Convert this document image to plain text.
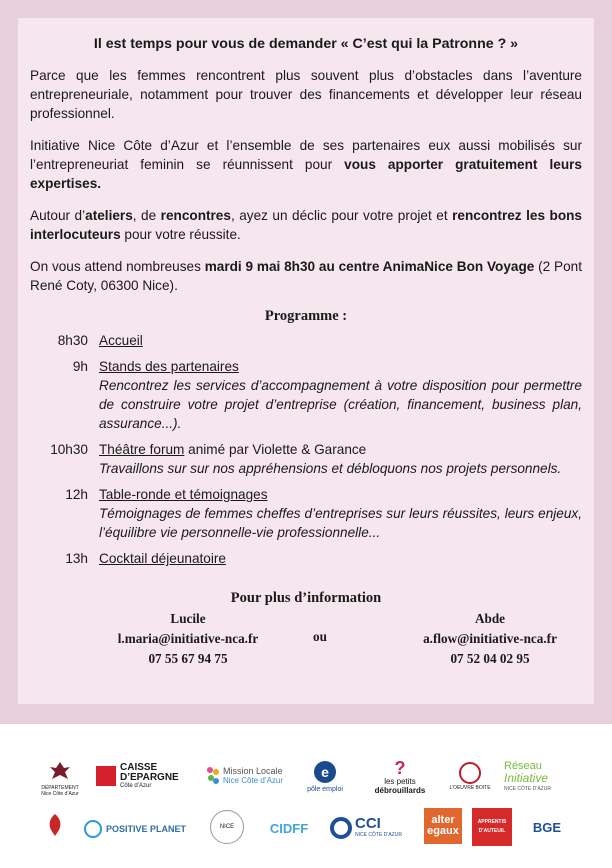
Il est temps pour vous de demander « C’est qui la Patronne ? »

Parce que les femmes rencontrent plus souvent plus d’obstacles dans l’aventure entrepreneuriale, notamment pour trouver des financements et développer leur réseau professionnel.

Initiative Nice Côte d’Azur et l’ensemble de ses partenaires eux aussi mobilisés sur l’entrepreneuriat feminin se réunnissent pour vous apporter gratuitement leurs expertises.

Autour d’ateliers, de rencontres, ayez un déclic pour votre projet et rencontrez les bons interlocuteurs pour votre réussite.

On vous attend nombreuses mardi 9 mai 8h30 au centre AnimaNice Bon Voyage (2 Pont René Coty, 06300 Nice).

Programme :
8h30 Accueil
9h Stands des partenaires
Rencontrez les services d’accompagnement à votre disposition pour permettre de construire votre projet d’entreprise (création, financement, business plan, assurance...).
10h30 Théâtre forum animé par Violette & Garance
Travaillons sur sur nos appréhensions et débloquons nos projets personnels.
12h Table-ronde et témoignages
Témoignages de femmes cheffes d’entreprises sur leurs réussites, leurs enjeux, l’équilibre vie personnelle-vie professionnelle...
13h Cocktail déjeunatoire
Pour plus d’information
Lucile
l.maria@initiative-nca.fr
07 55 67 94 75
ou
Abde
a.flow@initiative-nca.fr
07 52 04 02 95
DÉPARTEMENT Nice Côte d’Azur
CAISSE
D’EPARGNE
Côte d’Azur
Mission Locale
Nice Côte d’Azur
e
pôle emploi
?
les petits
débrouillards	L’OEUVRE BOITE
Réseau
Initiative
NICE CÔTE D’AZUR
POSITIVE PLANET	NICE	CIDFF	CCI
NICE CÔTE D’AZUR
alter
egaux
APPRENTIS
D’AUTEUIL BGE
